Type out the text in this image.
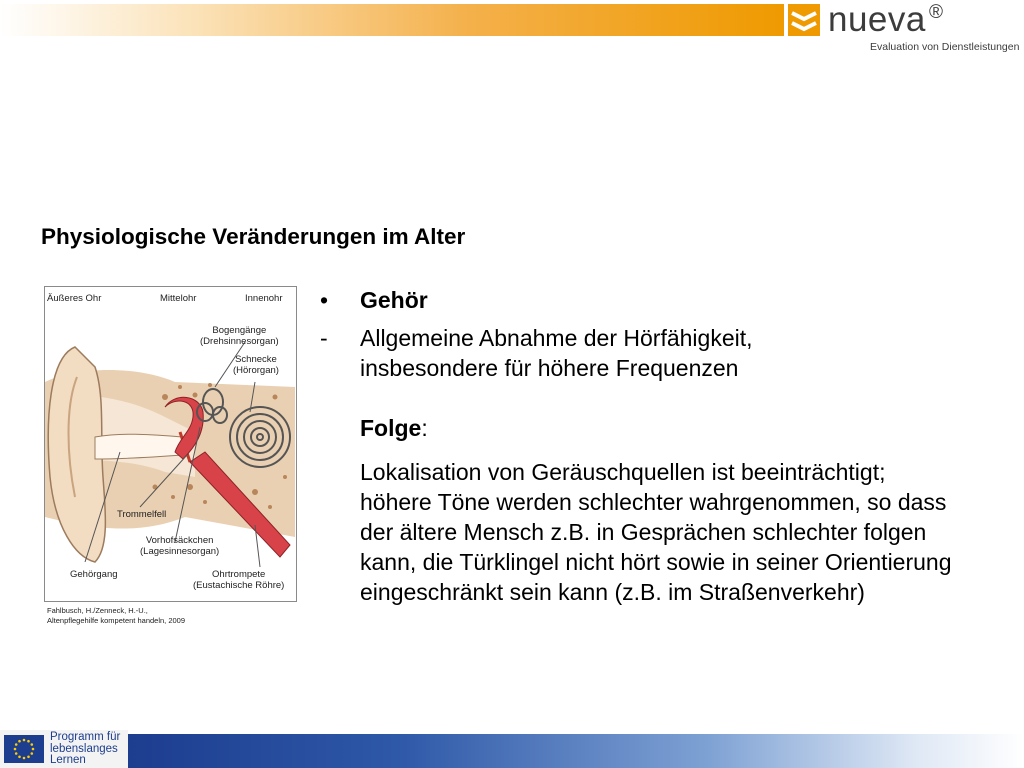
nueva ®
Evaluation von Dienstleistungen
Physiologische Veränderungen im Alter
Äußeres Ohr	Mittelohr	Innenohr
Bogengänge
(Drehsinnesorgan)
Schnecke
(Hörorgan)
Trommelfell
Vorhofsäckchen
(Lagesinnesorgan)
Gehörgang	Ohrtrompete
(Eustachische Röhre)
Fahlbusch, H./Zenneck, H.-U.,
Altenpflegehilfe kompetent handeln, 2009
• Gehör
- Allgemeine Abnahme der Hörfähigkeit, insbesondere für höhere Frequenzen
Folge:
Lokalisation von Geräuschquellen ist beeinträchtigt; höhere Töne werden schlechter wahrgenommen, so dass der ältere Mensch z.B. in Gesprächen schlechter folgen kann, die Türklingel nicht hört sowie in seiner Orientierung eingeschränkt sein kann (z.B. im Straßenverkehr)
Programm für
lebenslanges
Lernen
